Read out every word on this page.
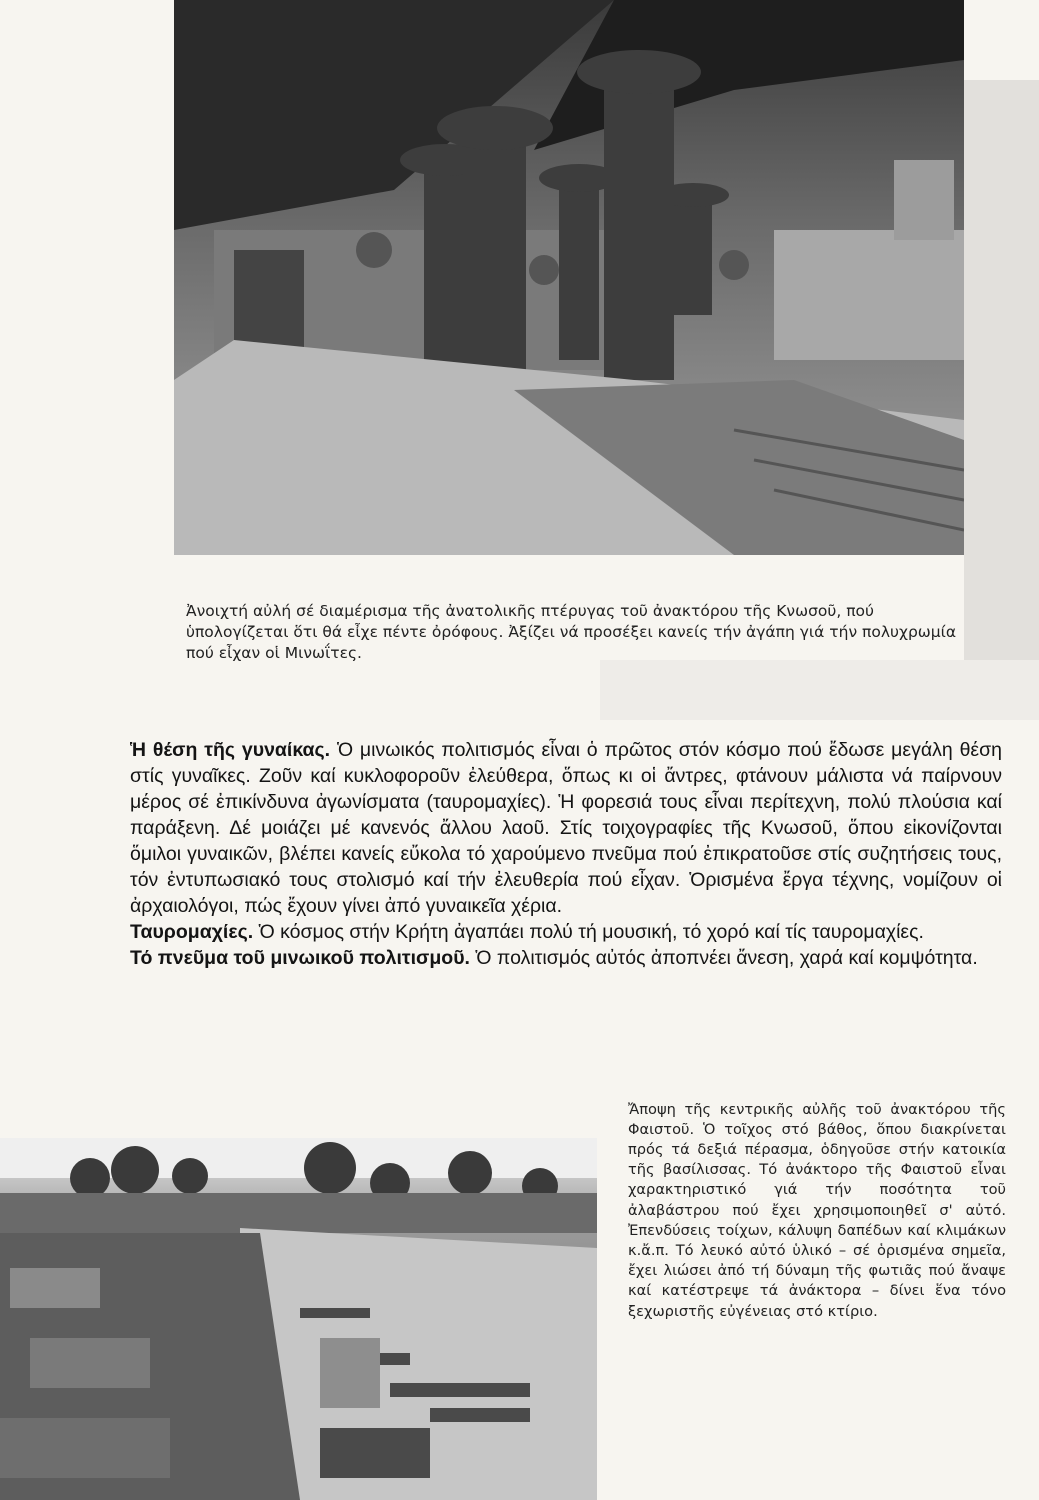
Ἀνοιχτή αὐλή σέ διαμέρισμα τῆς ἀνατολικῆς πτέρυγας τοῦ ἀνακτόρου τῆς Κνωσοῦ, πού ὑπολογίζεται ὅτι θά εἶχε πέντε ὀρόφους. Ἀξίζει νά προσέξει κανείς τήν ἀγάπη γιά τήν πολυχρωμία πού εἶχαν οἱ Μινωΐτες.

Ἡ θέση τῆς γυναίκας. Ὁ μινωικός πολιτισμός εἶναι ὁ πρῶτος στόν κόσμο πού ἔδωσε μεγάλη θέση στίς γυναῖκες. Ζοῦν καί κυκλοφοροῦν ἐλεύθερα, ὅπως κι οἱ ἄντρες, φτάνουν μάλιστα νά παίρνουν μέρος σέ ἐπικίνδυνα ἀγωνίσματα (ταυρομαχίες). Ἡ φορεσιά τους εἶναι περίτεχνη, πολύ πλούσια καί παράξενη. Δέ μοιάζει μέ κανενός ἄλλου λαοῦ. Στίς τοιχογραφίες τῆς Κνωσοῦ, ὅπου εἰκονίζονται ὅμιλοι γυναικῶν, βλέπει κανείς εὔκολα τό χαρούμενο πνεῦμα πού ἐπικρατοῦσε στίς συζητήσεις τους, τόν ἐντυπωσιακό τους στολισμό καί τήν ἐλευθερία πού εἶχαν. Ὁρισμένα ἔργα τέχνης, νομίζουν οἱ ἀρχαιολόγοι, πώς ἔχουν γίνει ἀπό γυναικεῖα χέρια.

Ταυρομαχίες. Ὁ κόσμος στήν Κρήτη ἀγαπάει πολύ τή μουσική, τό χορό καί τίς ταυρομαχίες.

Τό πνεῦμα τοῦ μινωικοῦ πολιτισμοῦ. Ὁ πολιτισμός αὐτός ἀποπνέει ἄνεση, χαρά καί κομψότητα.

Ἄποψη τῆς κεντρικῆς αὐλῆς τοῦ ἀνακτόρου τῆς Φαιστοῦ. Ὁ τοῖχος στό βάθος, ὅπου διακρίνεται πρός τά δεξιά πέρασμα, ὁδηγοῦσε στήν κατοικία τῆς βασίλισσας. Τό ἀνάκτορο τῆς Φαιστοῦ εἶναι χαρακτηριστικό γιά τήν ποσότητα τοῦ ἀλαβάστρου πού ἔχει χρησιμοποιηθεῖ σ' αὐτό. Ἐπενδύσεις τοίχων, κάλυψη δαπέδων καί κλιμάκων κ.ἄ.π. Τό λευκό αὐτό ὑλικό – σέ ὁρισμένα σημεῖα, ἔχει λιώσει ἀπό τή δύναμη τῆς φωτιᾶς πού ἄναψε καί κατέστρεψε τά ἀνάκτορα – δίνει ἕνα τόνο ξεχωριστῆς εὐγένειας στό κτίριο.
